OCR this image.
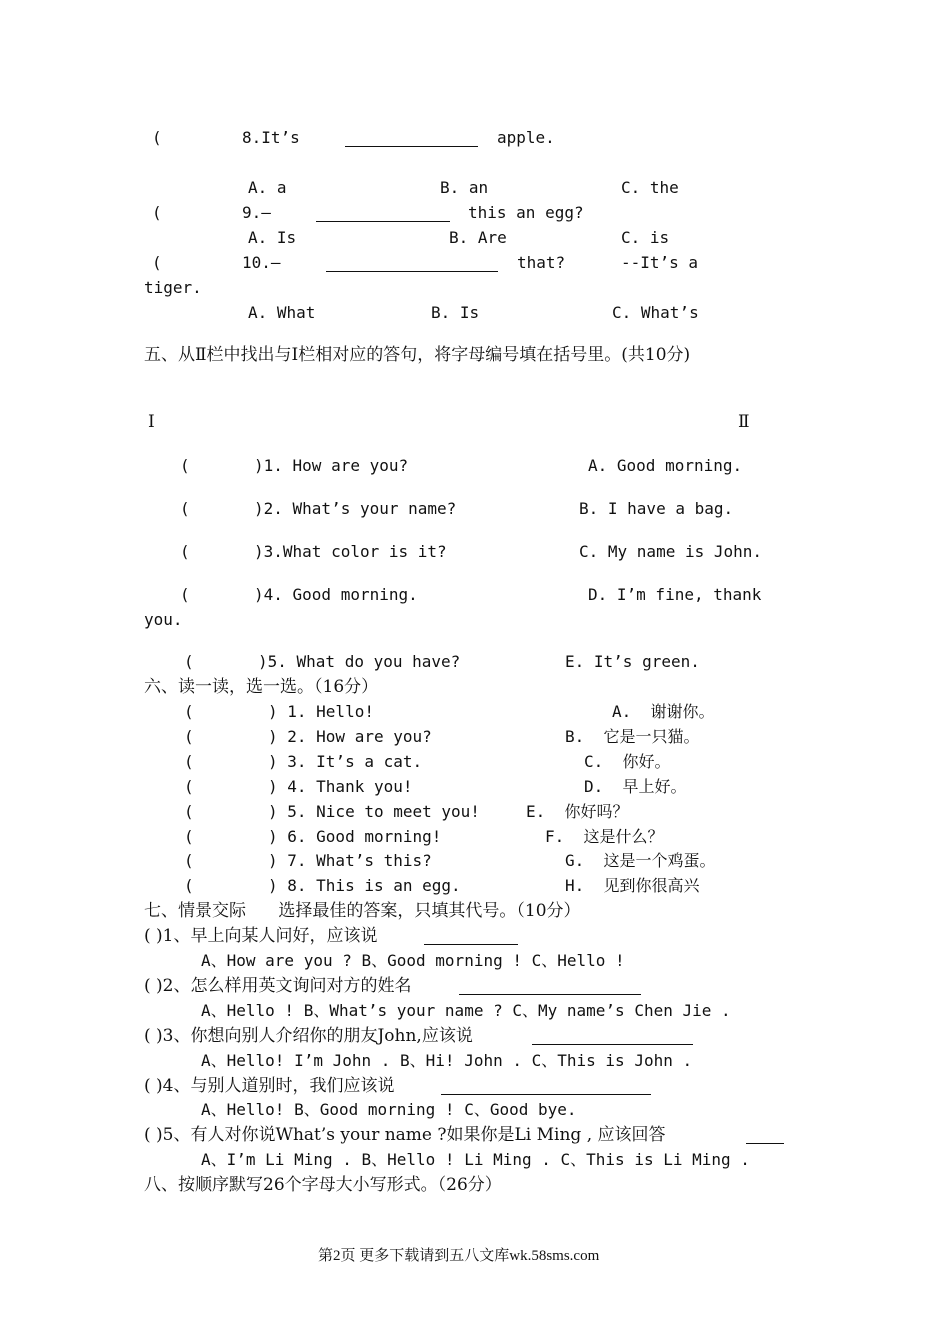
(	8.It’s	apple.
A. a	B. an	C. the
(	9.—	this an egg?
A. Is	B. Are	C. is
(	10.—	that?	--It’s a
tiger.
A. What	B. Is	C. What’s
五、从Ⅱ栏中找出与Ⅰ栏相对应的答句，将字母编号填在括号里。(共10分)
Ⅰ	Ⅱ
(	)1. How are you?	A. Good morning.
(	)2. What’s your name?	B. I have a bag.
(	)3.What color is it?	C. My name is John.
(	)4. Good morning.	D. I’m fine, thank
you.
(	)5. What do you have?	E. It’s green.
六、读一读，选一选。（16分）
(	) 1. Hello!	A.  谢谢你。
(	) 2. How are you?	B.  它是一只猫。
(	) 3. It’s a cat.	C.  你好。
(	) 4. Thank you!	D.  早上好。
(	) 5. Nice to meet you!	E.  你好吗？
(	) 6. Good morning!	F.  这是什么？
(	) 7. What’s this?	G.  这是一个鸡蛋。
(	) 8. This is an egg.	H.  见到你很高兴
七、情景交际      选择最佳的答案，只填其代号。（10分）
( )1、早上向某人问好，应该说
A、How are you ? B、Good morning ! C、Hello !
( )2、怎么样用英文询问对方的姓名
A、Hello ! B、What’s your name ? C、My name’s Chen Jie .
( )3、你想向别人介绍你的朋友John,应该说
A、Hello! I’m John . B、Hi! John . C、This is John .
( )4、与别人道别时，我们应该说
A、Hello! B、Good morning ! C、Good bye.
( )5、有人对你说What’s your name ?如果你是Li Ming , 应该回答
A、I’m Li Ming . B、Hello ! Li Ming . C、This is Li Ming .
八、按顺序默写26个字母大小写形式。（26分）
第2页 更多下载请到五八文库wk.58sms.com
